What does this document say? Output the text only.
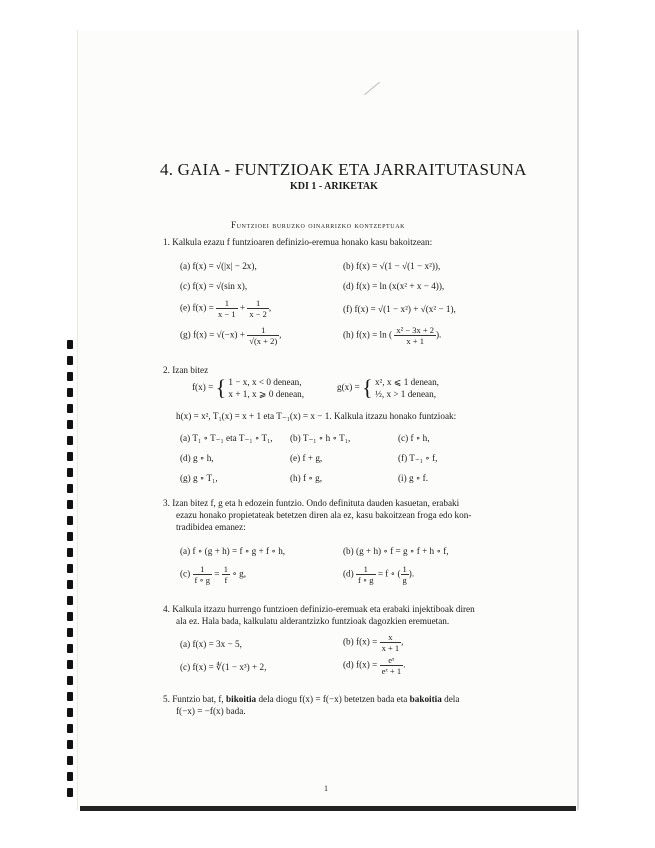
4. GAIA - FUNTZIOAK ETA JARRAITUTASUNA
KDI 1 - ARIKETAK
Funtzioei buruzko oinarrizko kontzeptuak
1. Kalkula ezazu f funtzioaren definizio-eremua honako kasu bakoitzean:
(a) f(x) = √(|x| − 2x),	(b) f(x) = √(1 − √(1 − x²)),
(c) f(x) = √(sin x),	(d) f(x) = ln (x(x² + x − 4)),
(e) $f(x) = \frac{1}{x - 1} + \frac{1}{x - 2}$ ,	(f) f(x) = √(1 − x²) + √(x² − 1),
(g) $f(x) = √(-x) + \frac{1}{√(x + 2)}$ ,	(h) f(x) = ln ( $\frac{\text{x² − 3x + 2}}{x + 1}$ ).
2. Izan bitez
f(x) = { 1 − x, x < 0 denean,
x + 1, x ⩾ 0 denean,
g(x) = { x², x ⩽ 1 denean,
½, x > 1 denean,
h(x) = x², T₁(x) = x + 1 eta T₋₁(x) = x − 1. Kalkula itzazu honako funtzioak:
(a) T₁ ∘ T₋₁ eta T₋₁ ∘ T₁, (b) T₋₁ ∘ h ∘ T₁,	(c) f ∘ h,
(d) g ∘ h,	(e) f + g,	(f) T₋₁ ∘ f,
(g) g ∘ T₁,	(h) f ∘ g,	(i) g ∘ f.
3. Izan bitez f, g eta h edozein funtzio. Ondo definituta dauden kasuetan, erabaki
ezazu honako propietateak betetzen diren ala ez, kasu bakoitzean froga edo kon-
tradibidea emanez:
(a) f ∘ (g + h) = f ∘ g + f ∘ h,	(b) (g + h) ∘ f = g ∘ f + h ∘ f,
$(c) \frac{1}{f \circ g} = \frac{1}{f}$ ∘ g,	$(d) \frac{1}{f \circ g} = f$ ∘ ( $\frac{1}{g}$ ).
4. Kalkula itzazu hurrengo funtzioen definizio-eremuak eta erabaki injektiboak diren
ala ez. Hala bada, kalkulatu alderantzizko funtzioak dagozkien eremuetan.
(a) f(x) = 3x − 5,	(b) $f(x) = \frac{x}{x + 1}$ ,
(c) f(x) = ∜(1 − x³) + 2,	(d) $f(x) = \frac{\text{eˣ}}{\text{eˣ + 1}}$ .
5. Funtzio bat, f, bikoitia dela diogu f(x) = f(−x) betetzen bada eta bakoitia dela
f(−x) = −f(x) bada.
1
